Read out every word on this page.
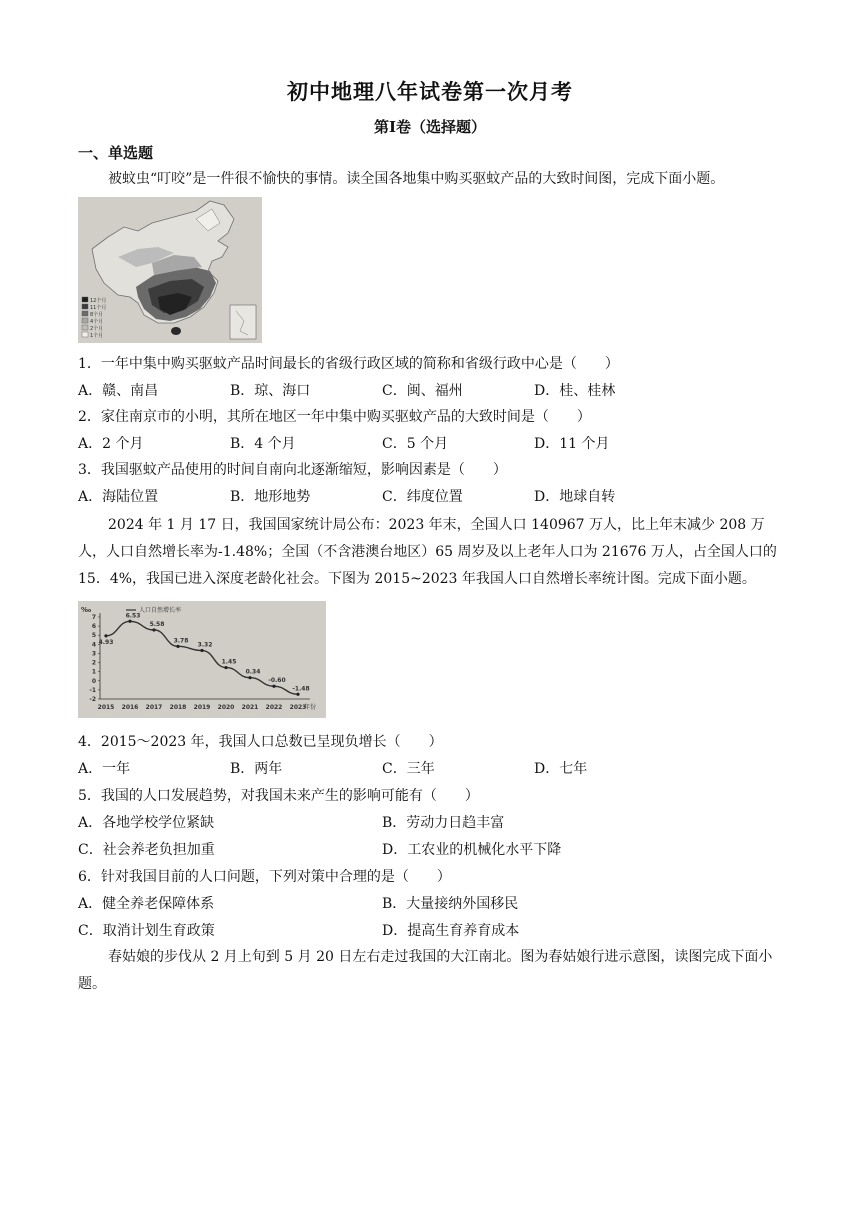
初中地理八年试卷第一次月考
第Ⅰ卷（选择题）
一、单选题
被蚊虫“叮咬”是一件很不愉快的事情。读全国各地集中购买驱蚊产品的大致时间图，完成下面小题。
12个月
11个月
8个月
4个月
2个月
1个月
1．一年中集中购买驱蚊产品时间最长的省级行政区域的简称和省级行政中心是（　　）
A．赣、南昌	B．琼、海口	C．闽、福州	D．桂、桂林
2．家住南京市的小明，其所在地区一年中集中购买驱蚊产品的大致时间是（　　）
A．2 个月	B．4 个月	C．5 个月	D．11 个月
3．我国驱蚊产品使用的时间自南向北逐渐缩短，影响因素是（　　）
A．海陆位置	B．地形地势	C．纬度位置	D．地球自转
2024 年 1 月 17 日，我国国家统计局公布：2023 年末，全国人口 140967 万人，比上年末减少 208 万人，人口自然增长率为-1.48%；全国（不含港澳台地区）65 周岁及以上老年人口为 21676 万人，占全国人口的 15．4%，我国已进入深度老龄化社会。下图为 2015~2023 年我国人口自然增长率统计图。完成下面小题。
‰
年份
人口自然增长率
7
6
5
4
3
2
1
0
-1
-2
2015 2016 2017 2018 2019 2020 2021 2022 2023
4.93
6.53
5.58
3.78
3.32
1.45
0.34
-0.60
-1.48
4．2015～2023 年，我国人口总数已呈现负增长（　　）
A．一年	B．两年	C．三年	D．七年
5．我国的人口发展趋势，对我国未来产生的影响可能有（　　）
A．各地学校学位紧缺	B．劳动力日趋丰富
C．社会养老负担加重	D．工农业的机械化水平下降
6．针对我国目前的人口问题，下列对策中合理的是（　　）
A．健全养老保障体系	B．大量接纳外国移民
C．取消计划生育政策	D．提高生育养育成本
春姑娘的步伐从 2 月上旬到 5 月 20 日左右走过我国的大江南北。图为春姑娘行进示意图，读图完成下面小题。
